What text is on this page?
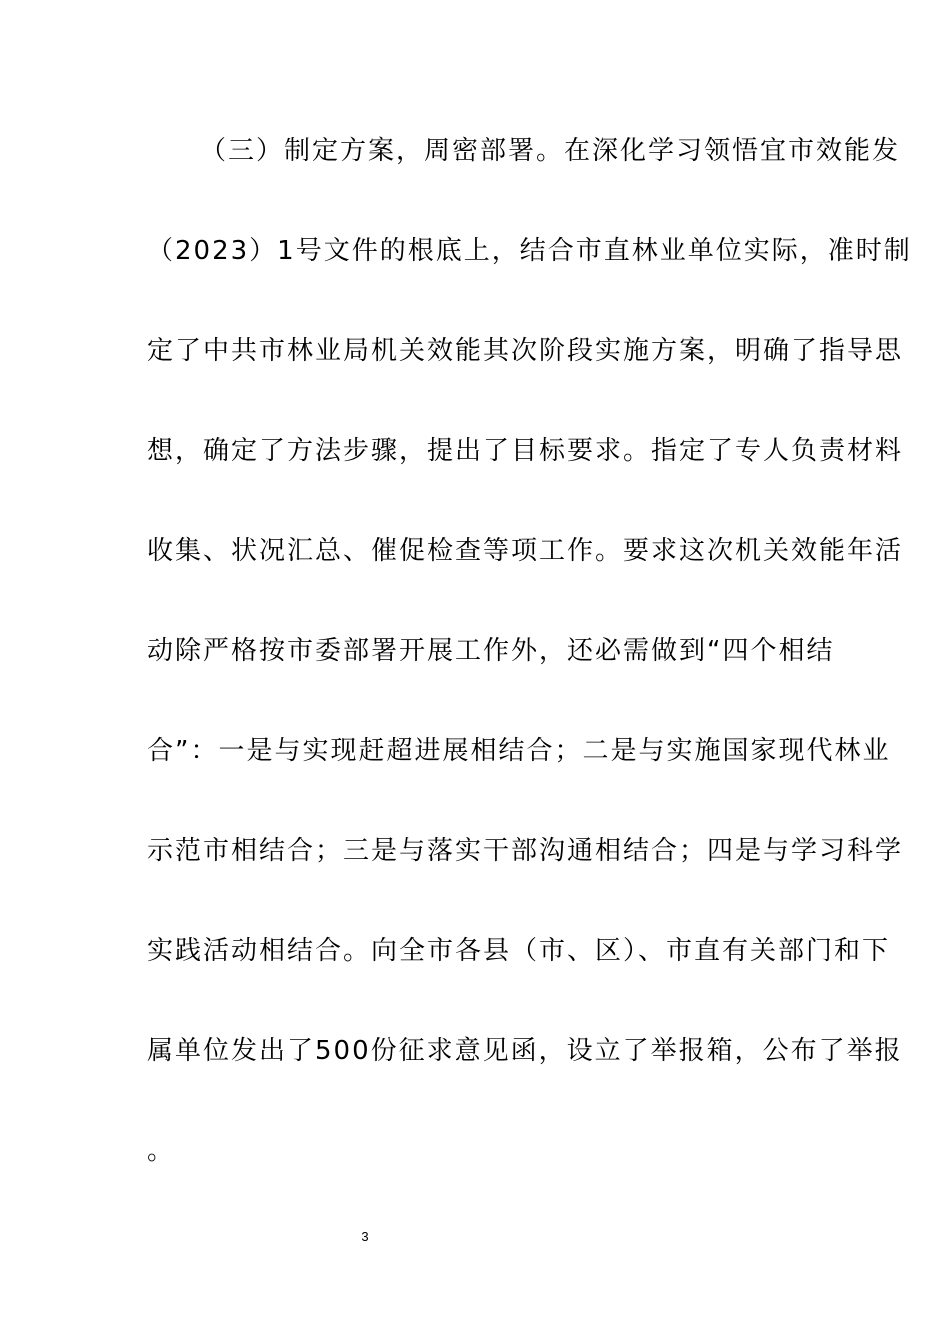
（三）制定方案，周密部署。在深化学习领悟宜市效能发
（2023）1号文件的根底上，结合市直林业单位实际，准时制
定了中共市林业局机关效能其次阶段实施方案，明确了指导思
想，确定了方法步骤，提出了目标要求。指定了专人负责材料
收集、状况汇总、催促检查等项工作。要求这次机关效能年活
动除严格按市委部署开展工作外，还必需做到“四个相结
合”：一是与实现赶超进展相结合；二是与实施国家现代林业
示范市相结合；三是与落实干部沟通相结合；四是与学习科学
实践活动相结合。向全市各县（市、区）、市直有关部门和下
属单位发出了500份征求意见函，设立了举报箱，公布了举报
。
3
